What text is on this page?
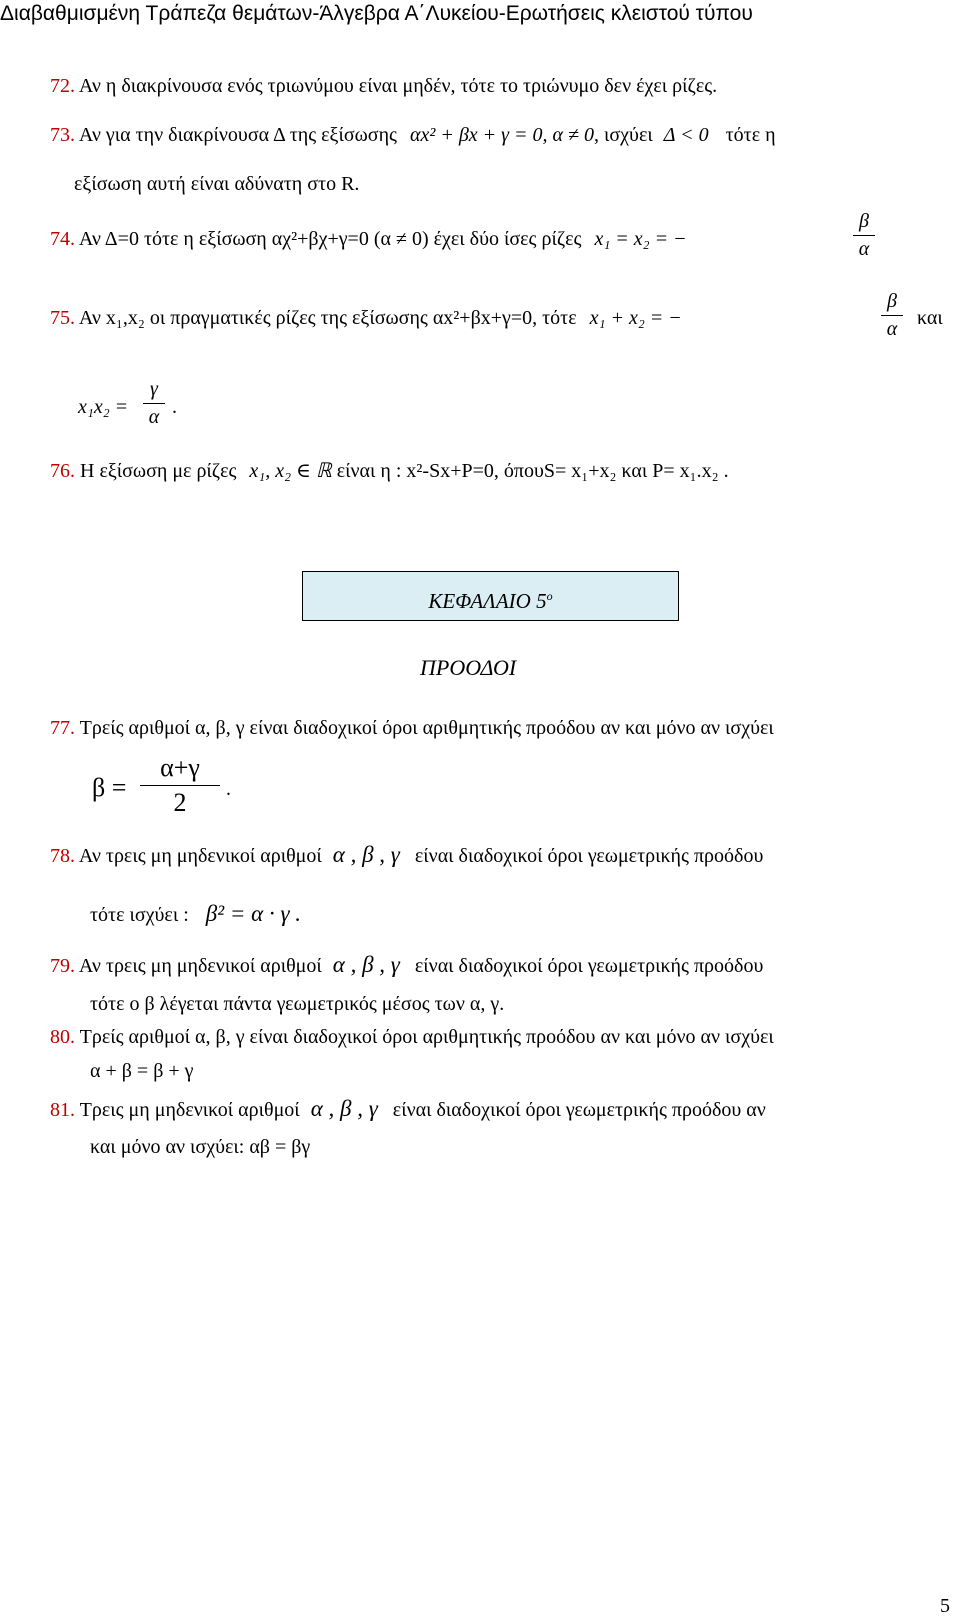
Διαβαθμισμένη Τράπεζα θεμάτων-Άλγεβρα Α΄Λυκείου-Ερωτήσεις κλειστού τύπου
72. Αν η διακρίνουσα ενός τριωνύμου είναι μηδέν, τότε το τριώνυμο δεν έχει ρίζες.
73. Αν για την διακρίνουσα Δ της εξίσωσης αx² + βx + γ = 0, α ≠ 0, ισχύει Δ < 0 τότε η
εξίσωση αυτή είναι αδύνατη στο R.
74. Αν Δ=0 τότε η εξίσωση αχ²+βχ+γ=0 (α ≠ 0) έχει δύο ίσες ρίζες x₁ = x₂ = −
β
α
75. Αν x₁,x₂ οι πραγματικές ρίζες της εξίσωσης αx²+βx+γ=0, τότε x₁ + x₂ = −
β
α και
x₁x₂ =
γ
α .
76. Η εξίσωση με ρίζες x₁, x₂ ∈ ℝ είναι η : x²-Sx+P=0, όπουS= x₁+x₂ και P= x₁.x₂ .
ΚΕΦΑΛΑΙΟ $5^o$
ΠΡΟΟΔΟΙ
77. Τρείς αριθμοί α, β, γ είναι διαδοχικοί όροι αριθμητικής προόδου αν και μόνο αν ισχύει
β =
α+γ
2	.
78. Αν τρεις μη μηδενικοί αριθμοί α , β , γ είναι διαδοχικοί όροι γεωμετρικής προόδου
τότε ισχύει : β² = α · γ .
79. Αν τρεις μη μηδενικοί αριθμοί α , β , γ είναι διαδοχικοί όροι γεωμετρικής προόδου
τότε ο β λέγεται πάντα γεωμετρικός μέσος των α, γ.
80. Τρείς αριθμοί α, β, γ είναι διαδοχικοί όροι αριθμητικής προόδου αν και μόνο αν ισχύει
α + β = β + γ
81. Τρεις μη μηδενικοί αριθμοί α , β , γ είναι διαδοχικοί όροι γεωμετρικής προόδου αν
και μόνο αν ισχύει: αβ = βγ
5
